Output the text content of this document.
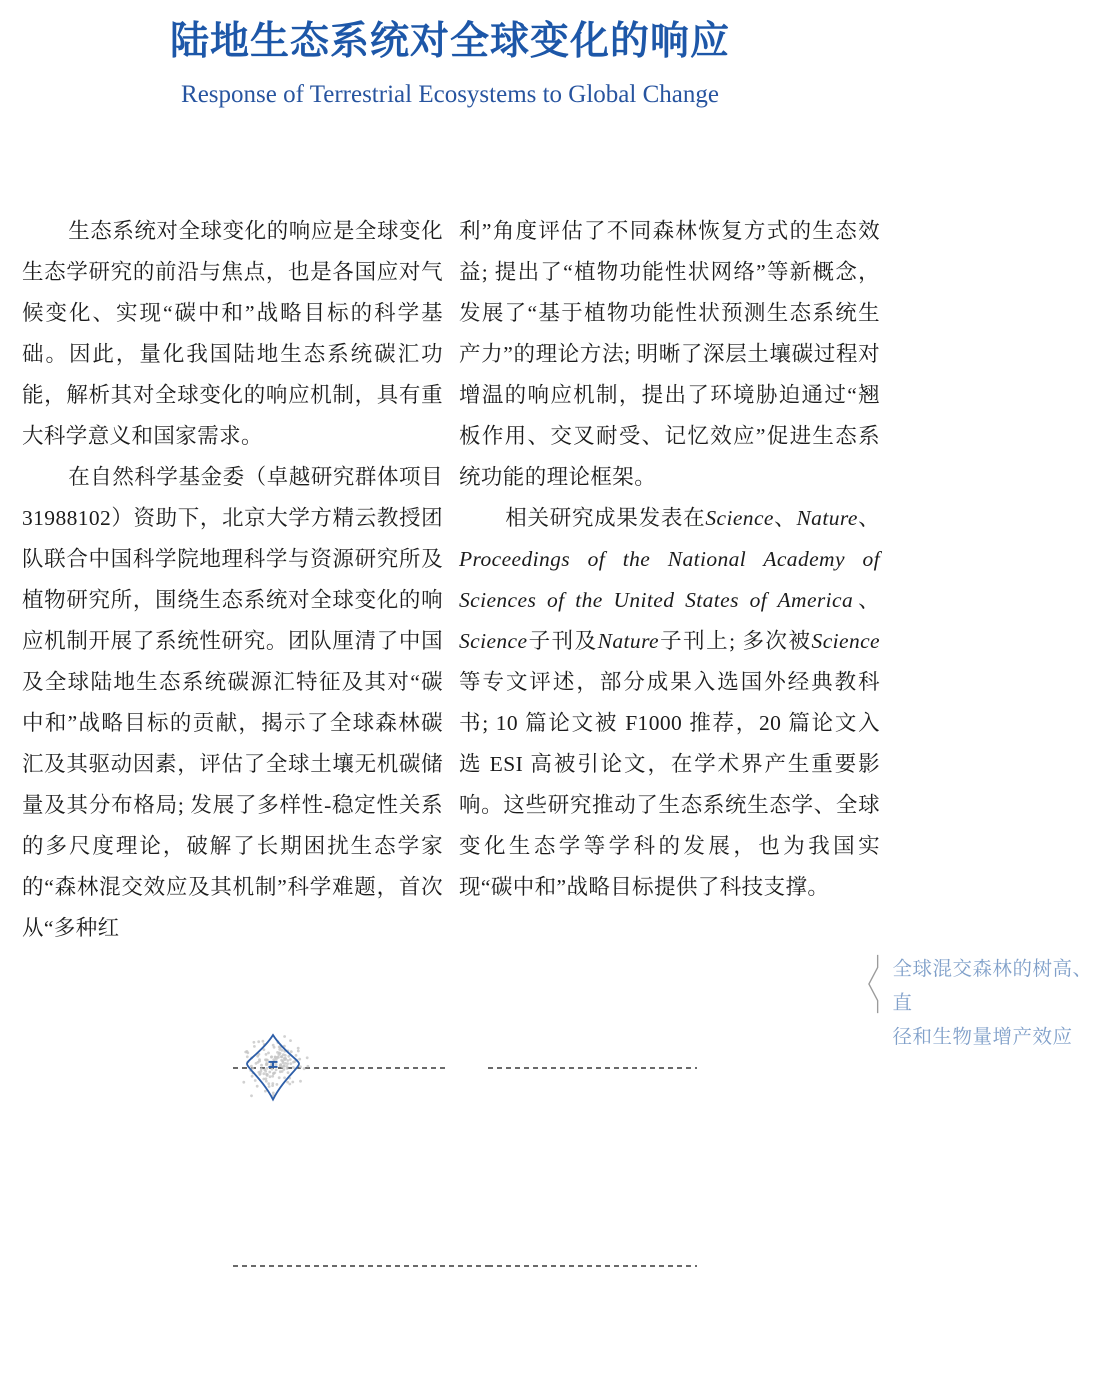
陆地生态系统对全球变化的响应
Response of Terrestrial Ecosystems to Global Change

生态系统对全球变化的响应是全球变化生态学研究的前沿与焦点，也是各国应对气候变化、实现“碳中和”战略目标的科学基础。因此，量化我国陆地生态系统碳汇功能，解析其对全球变化的响应机制，具有重大科学意义和国家需求。

在自然科学基金委（卓越研究群体项目 31988102）资助下，北京大学方精云教授团队联合中国科学院地理科学与资源研究所及植物研究所，围绕生态系统对全球变化的响应机制开展了系统性研究。团队厘清了中国及全球陆地生态系统碳源汇特征及其对“碳中和”战略目标的贡献，揭示了全球森林碳汇及其驱动因素，评估了全球土壤无机碳储量及其分布格局; 发展了多样性-稳定性关系的多尺度理论，破解了长期困扰生态学家的“森林混交效应及其机制”科学难题，首次从“多种红

利”角度评估了不同森林恢复方式的生态效益; 提出了“植物功能性状网络”等新概念，发展了“基于植物功能性状预测生态系统生产力”的理论方法; 明晰了深层土壤碳过程对增温的响应机制，提出了环境胁迫通过“翘板作用、交叉耐受、记忆效应”促进生态系统功能的理论框架。

相关研究成果发表在Science、Nature、Proceedings of the National Academy of Sciences of the United States of America、Science子刊及Nature子刊上; 多次被Science等专文评述，部分成果入选国外经典教科书; 10 篇论文被 F1000 推荐，20 篇论文入选 ESI 高被引论文，在学术界产生重要影响。这些研究推动了生态系统生态学、全球变化生态学等学科的发展，也为我国实现“碳中和”战略目标提供了科技支撑。

全球混交森林的树高、直
径和生物量增产效应
